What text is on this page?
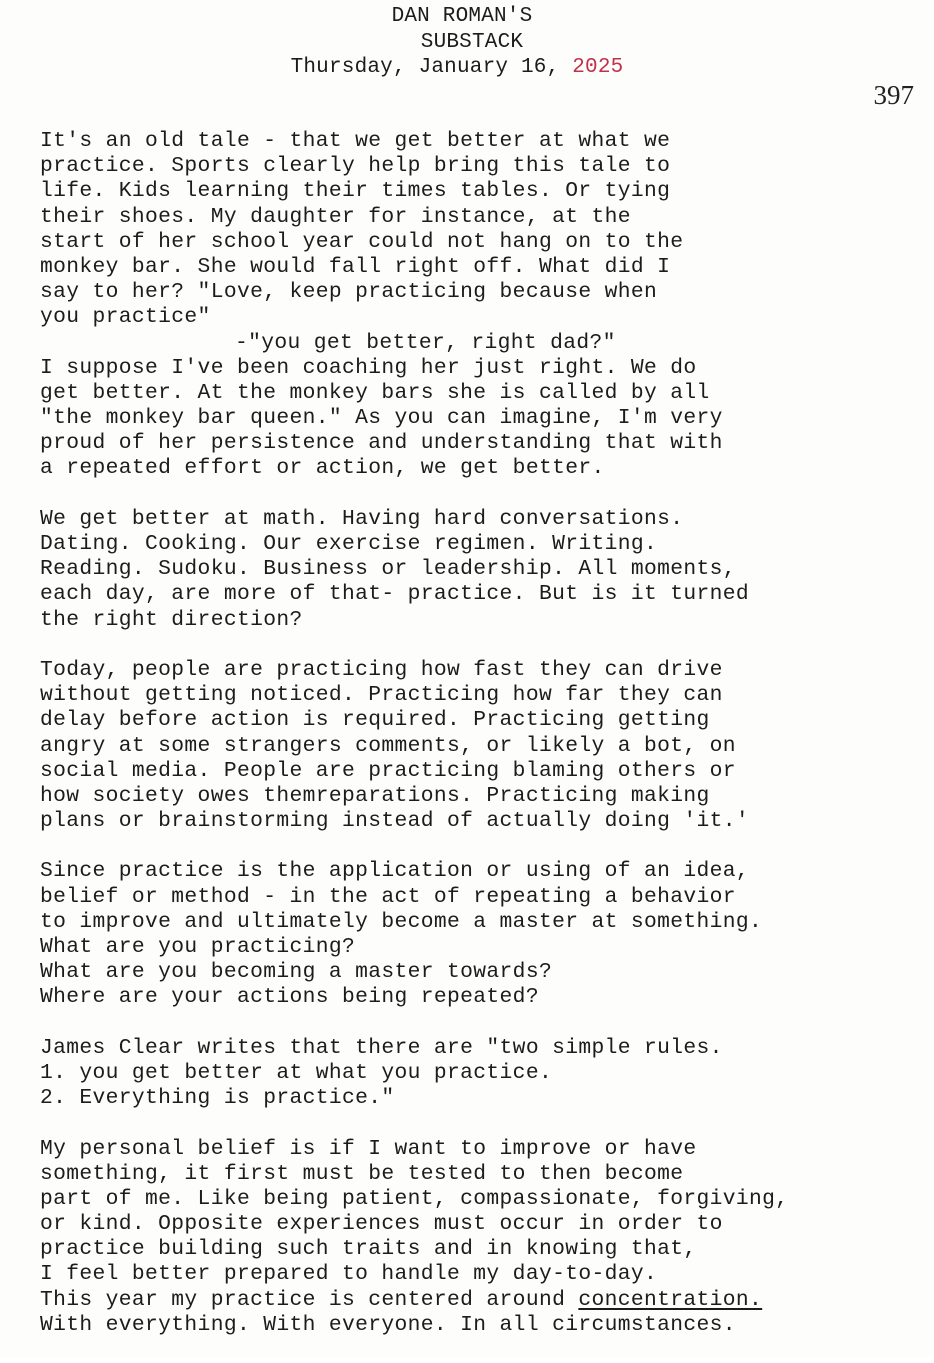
DAN ROMAN'S
SUBSTACK
Thursday, January 16, 2025
397
It's an old tale - that we get better at what we
practice. Sports clearly help bring this tale to
life. Kids learning their times tables. Or tying
their shoes. My daughter for instance, at the
start of her school year could not hang on to the
monkey bar. She would fall right off. What did I
say to her? "Love, keep practicing because when
you practice"
-"you get better, right dad?"
I suppose I've been coaching her just right. We do
get better. At the monkey bars she is called by all
"the monkey bar queen." As you can imagine, I'm very
proud of her persistence and understanding that with
a repeated effort or action, we get better.
We get better at math. Having hard conversations.
Dating. Cooking. Our exercise regimen. Writing.
Reading. Sudoku. Business or leadership. All moments,
each day, are more of that- practice. But is it turned
the right direction?
Today, people are practicing how fast they can drive
without getting noticed. Practicing how far they can
delay before action is required. Practicing getting
angry at some strangers comments, or likely a bot, on
social media. People are practicing blaming others or
how society owes themreparations. Practicing making
plans or brainstorming instead of actually doing 'it.'
Since practice is the application or using of an idea,
belief or method - in the act of repeating a behavior
to improve and ultimately become a master at something.
What are you practicing?
What are you becoming a master towards?
Where are your actions being repeated?
James Clear writes that there are "two simple rules.
1. you get better at what you practice.
2. Everything is practice."
My personal belief is if I want to improve or have
something, it first must be tested to then become
part of me. Like being patient, compassionate, forgiving,
or kind. Opposite experiences must occur in order to
practice building such traits and in knowing that,
I feel better prepared to handle my day-to-day.
This year my practice is centered around concentration.
With everything. With everyone. In all circumstances.
